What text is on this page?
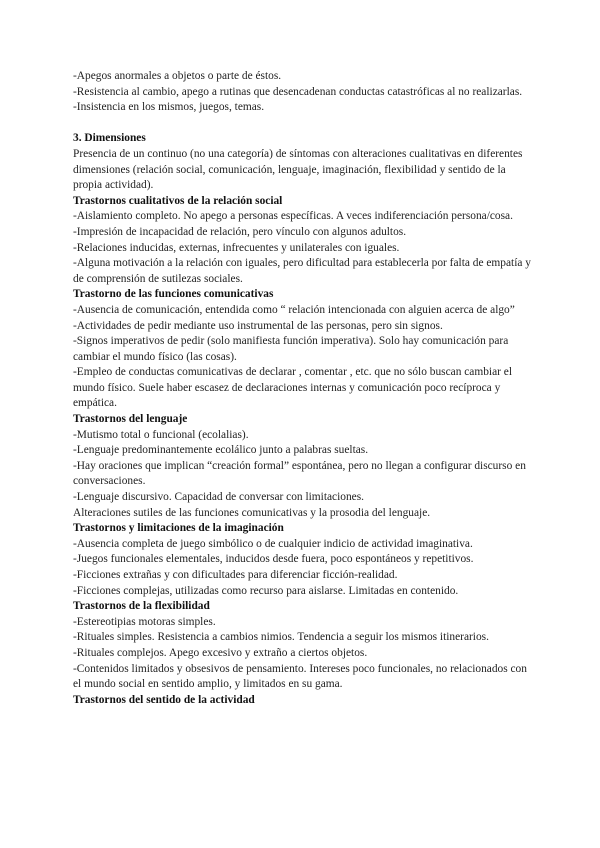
-Apegos anormales a objetos o parte de éstos.

-Resistencia al cambio, apego a rutinas que desencadenan conductas catastróficas al no realizarlas.

-Insistencia en los mismos, juegos, temas.

3. Dimensiones

Presencia de un continuo (no una categoría) de síntomas con alteraciones cualitativas en diferentes dimensiones (relación social, comunicación, lenguaje, imaginación, flexibilidad y sentido de la propia actividad).

Trastornos cualitativos de la relación social

-Aislamiento completo. No apego a personas específicas. A veces indiferenciación persona/cosa.

-Impresión de incapacidad de relación, pero vínculo con algunos adultos.

-Relaciones inducidas, externas, infrecuentes y unilaterales con iguales.

-Alguna motivación a la relación con iguales, pero dificultad para establecerla por falta de empatía y de comprensión de sutilezas sociales.

Trastorno de las funciones comunicativas

-Ausencia de comunicación, entendida como “ relación intencionada con alguien acerca de algo”

-Actividades de pedir mediante uso instrumental de las personas, pero sin signos.

-Signos imperativos de pedir (solo manifiesta función imperativa). Solo hay comunicación para cambiar el mundo físico (las cosas).

-Empleo de conductas comunicativas de declarar , comentar , etc. que no sólo buscan cambiar el mundo físico. Suele haber escasez de declaraciones internas y comunicación poco recíproca y empática.

Trastornos del lenguaje

-Mutismo total o funcional (ecolalias).

-Lenguaje predominantemente ecolálico junto a palabras sueltas.

-Hay oraciones que implican “creación formal” espontánea, pero no llegan a configurar discurso en conversaciones.

-Lenguaje discursivo. Capacidad de conversar con limitaciones.

Alteraciones sutiles de las funciones comunicativas y la prosodia del lenguaje.

Trastornos y limitaciones de la imaginación

-Ausencia completa de juego simbólico o de cualquier indicio de actividad imaginativa.

-Juegos funcionales elementales, inducidos desde fuera, poco espontáneos y repetitivos.

-Ficciones extrañas y con dificultades para diferenciar ficción-realidad.

-Ficciones complejas, utilizadas como recurso para aislarse. Limitadas en contenido.

Trastornos de la flexibilidad

-Estereotipias motoras simples.

-Rituales simples. Resistencia a cambios nimios. Tendencia a seguir los mismos itinerarios.

-Rituales complejos. Apego excesivo y extraño a ciertos objetos.

-Contenidos limitados y obsesivos de pensamiento. Intereses poco funcionales, no relacionados con el mundo social en sentido amplio, y limitados en su gama.

Trastornos del sentido de la actividad
